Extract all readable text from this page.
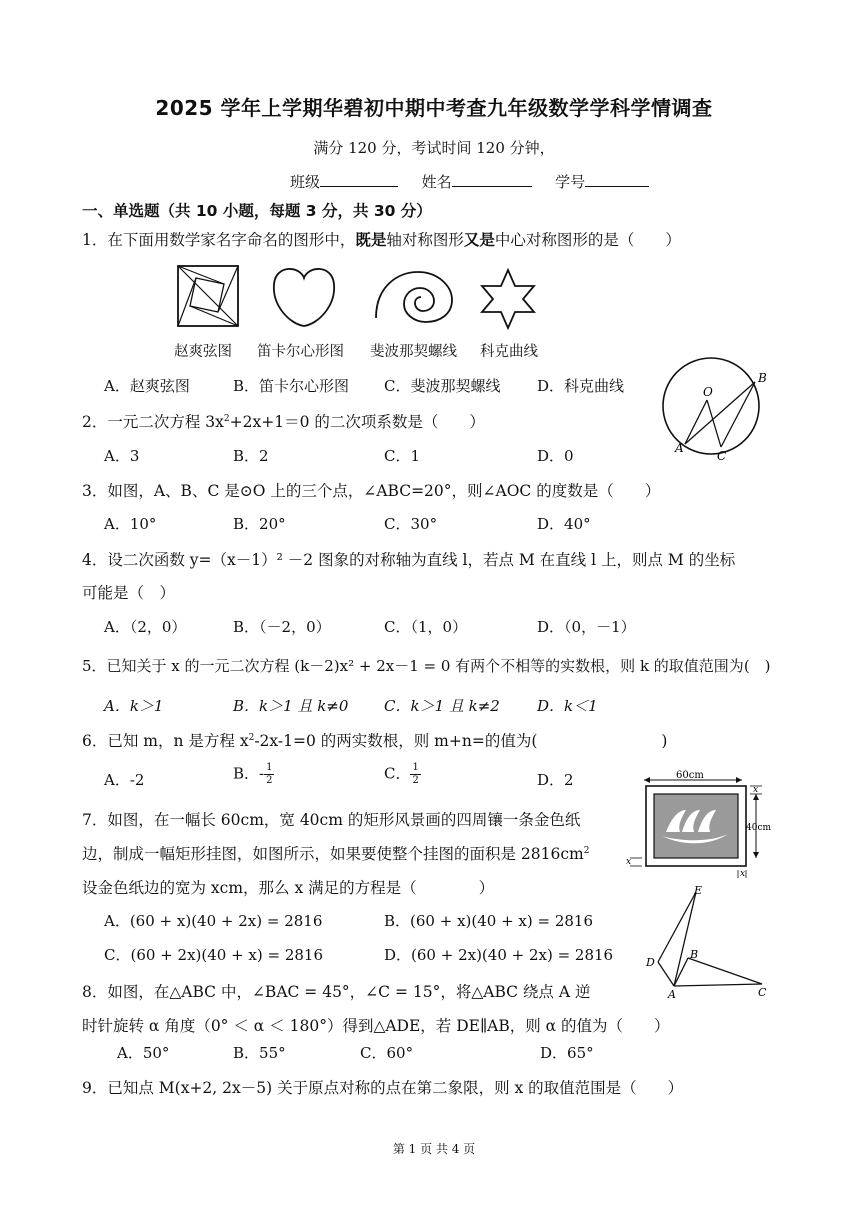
2025 学年上学期华碧初中期中考查九年级数学学科学情调查
满分 120 分，考试时间 120 分钟，
班级	姓名	学号
一、单选题（共 10 小题，每题 3 分，共 30 分）
1．在下面用数学家名字命名的图形中，既是轴对称图形又是中心对称图形的是（　　）
赵爽弦图 笛卡尔心形图 斐波那契螺线 科克曲线
A．赵爽弦图	B．笛卡尔心形图 C．斐波那契螺线 D．科克曲线	O
B
A
C
2．一元二次方程 $3x^2+2x+1=0$ 的二次项系数是（　　）
A．3	B．2	C．1	D．0
3．如图，A、B、C 是⊙O 上的三个点，∠ABC=20°，则∠AOC 的度数是（　　）
A．10°	B．20°	C．30°	D．40°
4．设二次函数 y=（x－1）² －2 图象的对称轴为直线 l，若点 M 在直线 l 上，则点 M 的坐标
可能是（　）
A．（2，0）	B．（－2，0）	C．（1，0）	D．（0，－1）
5．已知关于 x 的一元二次方程 (k－2)x² + 2x－1 = 0 有两个不相等的实数根，则 k 的取值范围为(　)
A．k＞1	B．k＞1 且 k≠0 C．k＞1 且 k≠2 D．k＜1
6．已知 m，n 是方程 $x^2-2x-1=0$ 的两实数根，则 m+n=的值为(　　　　　　　　)
A．-2	B．- $\frac{1}{2}$	C． $\frac{1}{2}$	D．2	60cm
40cm
x
x
x
7．如图，在一幅长 60cm，宽 40cm 的矩形风景画的四周镶一条金色纸
边，制成一幅矩形挂图，如图所示，如果要使整个挂图的面积是 $2816cm^2$
设金色纸边的宽为 xcm，那么 x 满足的方程是（　　　　）
A．(60 + x)(40 + 2x) = 2816	B．(60 + x)(40 + x) = 2816
C．(60 + 2x)(40 + x) = 2816	D．(60 + 2x)(40 + 2x) = 2816
E
D
B
A	C
8．如图，在△ABC 中，∠BAC = 45°，∠C = 15°，将△ABC 绕点 A 逆
时针旋转 α 角度（0° ＜ α ＜ 180°）得到△ADE，若 DE∥AB，则 α 的值为（　　）
A．50°	B．55°	C．60°	D．65°
9．已知点 M(x+2, 2x－5) 关于原点对称的点在第二象限，则 x 的取值范围是（　　）
第 1 页 共 4 页
